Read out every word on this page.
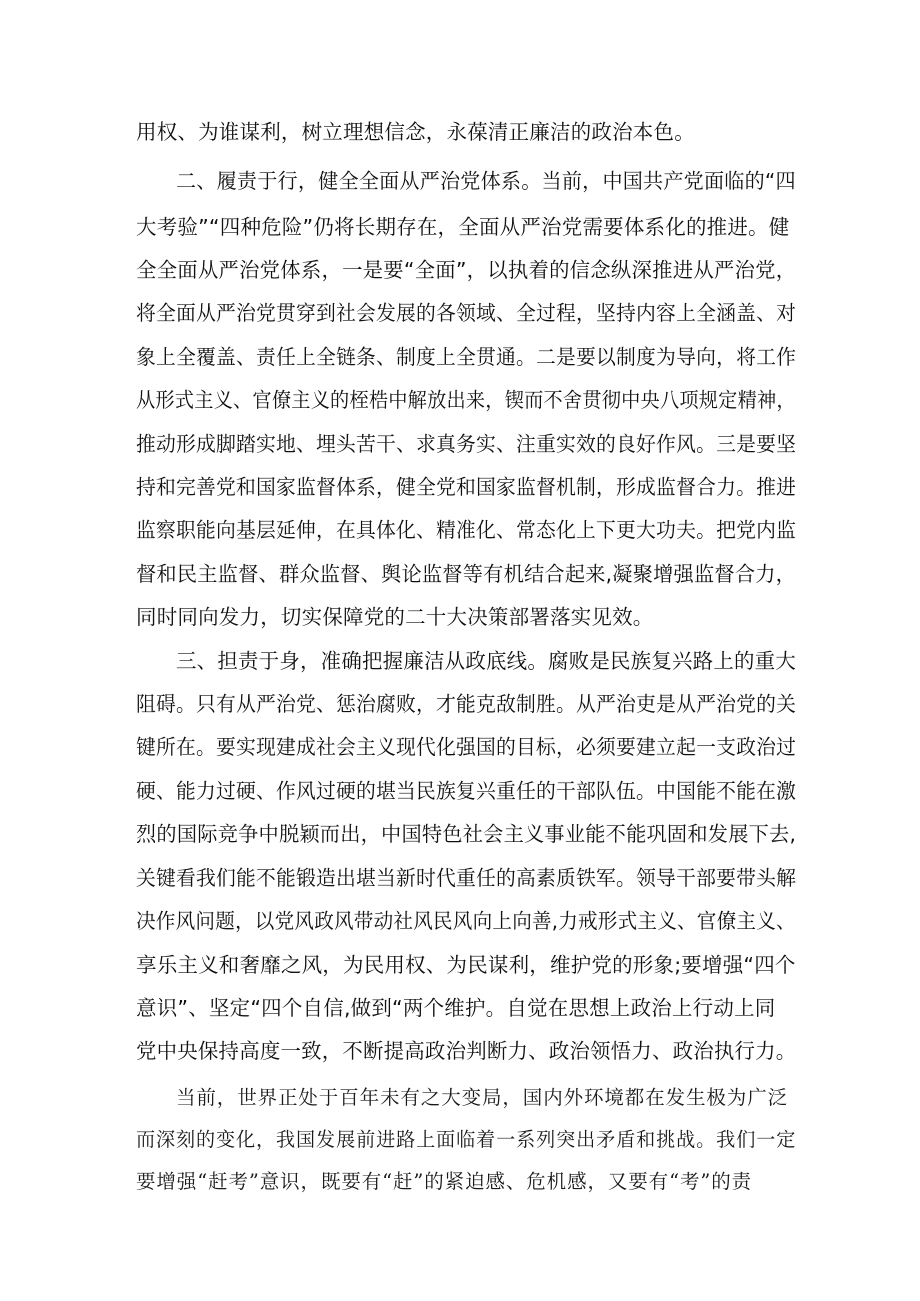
用权、为谁谋利，树立理想信念，永葆清正廉洁的政治本色。
二、履责于行，健全全面从严治党体系。当前，中国共产党面临的“四
大考验”“四种危险”仍将长期存在，全面从严治党需要体系化的推进。健
全全面从严治党体系，一是要“全面”，以执着的信念纵深推进从严治党，
将全面从严治党贯穿到社会发展的各领域、全过程，坚持内容上全涵盖、对
象上全覆盖、责任上全链条、制度上全贯通。二是要以制度为导向，将工作
从形式主义、官僚主义的桎梏中解放出来，锲而不舍贯彻中央八项规定精神，
推动形成脚踏实地、埋头苦干、求真务实、注重实效的良好作风。三是要坚
持和完善党和国家监督体系，健全党和国家监督机制，形成监督合力。推进
监察职能向基层延伸，在具体化、精准化、常态化上下更大功夫。把党内监
督和民主监督、群众监督、舆论监督等有机结合起来,凝聚增强监督合力，
同时同向发力，切实保障党的二十大决策部署落实见效。
三、担责于身，准确把握廉洁从政底线。腐败是民族复兴路上的重大
阻碍。只有从严治党、惩治腐败，才能克敌制胜。从严治吏是从严治党的关
键所在。要实现建成社会主义现代化强国的目标，必须要建立起一支政治过
硬、能力过硬、作风过硬的堪当民族复兴重任的干部队伍。中国能不能在激
烈的国际竞争中脱颖而出，中国特色社会主义事业能不能巩固和发展下去,
关键看我们能不能锻造出堪当新时代重任的高素质铁军。领导干部要带头解
决作风问题，以党风政风带动社风民风向上向善,力戒形式主义、官僚主义、
享乐主义和奢靡之风，为民用权、为民谋利，维护党的形象;要增强“四个
意识”、坚定“四个自信,做到“两个维护。自觉在思想上政治上行动上同
党中央保持高度一致，不断提高政治判断力、政治领悟力、政治执行力。
当前，世界正处于百年未有之大变局，国内外环境都在发生极为广泛
而深刻的变化，我国发展前进路上面临着一系列突出矛盾和挑战。我们一定
要增强“赶考”意识，既要有“赶”的紧迫感、危机感，又要有“考”的责
